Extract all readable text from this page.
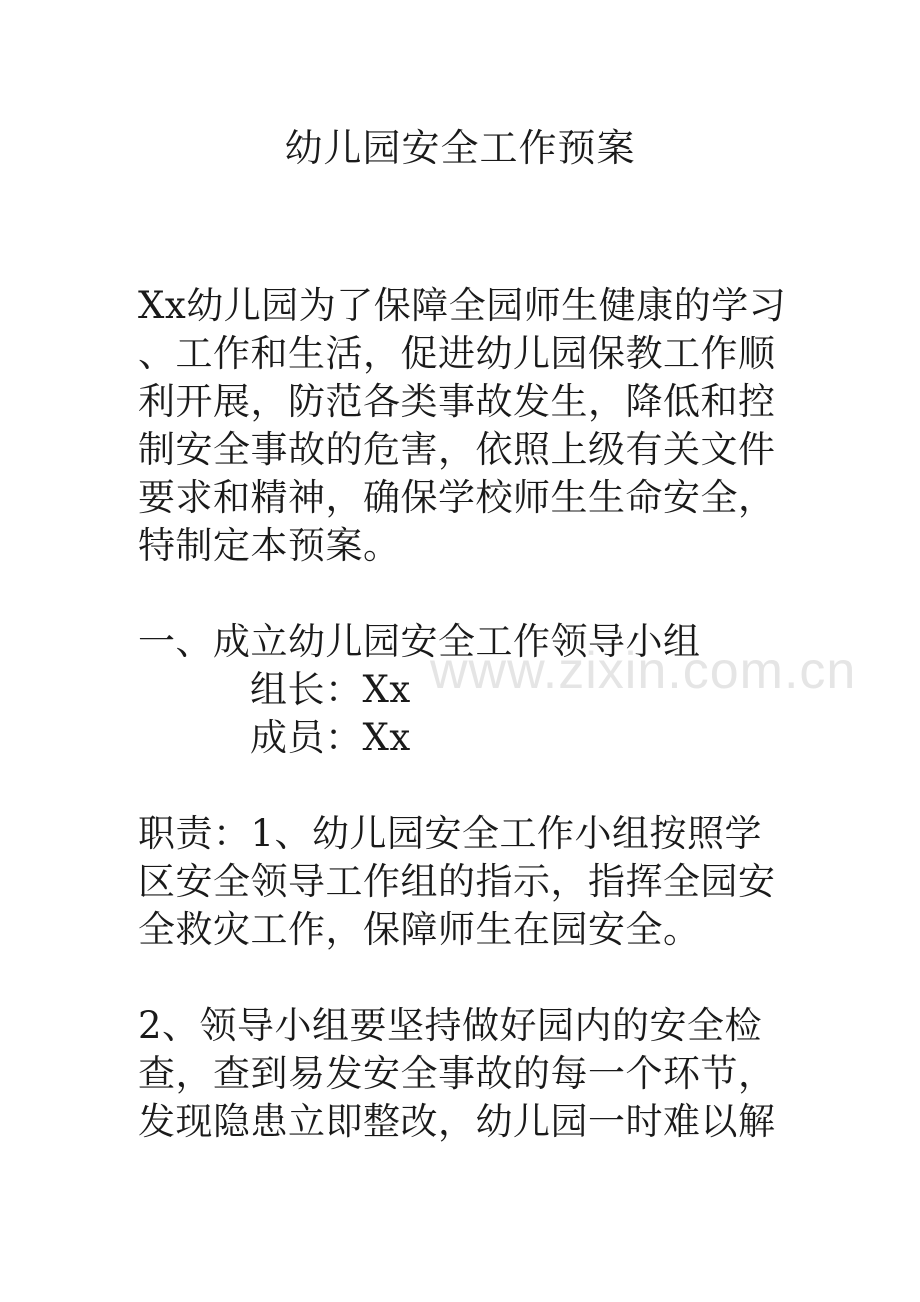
幼儿园安全工作预案
Xx幼儿园为了保障全园师生健康的学习
、工作和生活，促进幼儿园保教工作顺
利开展，防范各类事故发生，降低和控
制安全事故的危害，依照上级有关文件
要求和精神，确保学校师生生命安全，
特制定本预案。
一、成立幼儿园安全工作领导小组
组长：Xx
成员：Xx
职责：1、幼儿园安全工作小组按照学
区安全领导工作组的指示，指挥全园安
全救灾工作，保障师生在园安全。
2、领导小组要坚持做好园内的安全检
查，查到易发安全事故的每一个环节，
发现隐患立即整改，幼儿园一时难以解
www.zixin.com.cn
